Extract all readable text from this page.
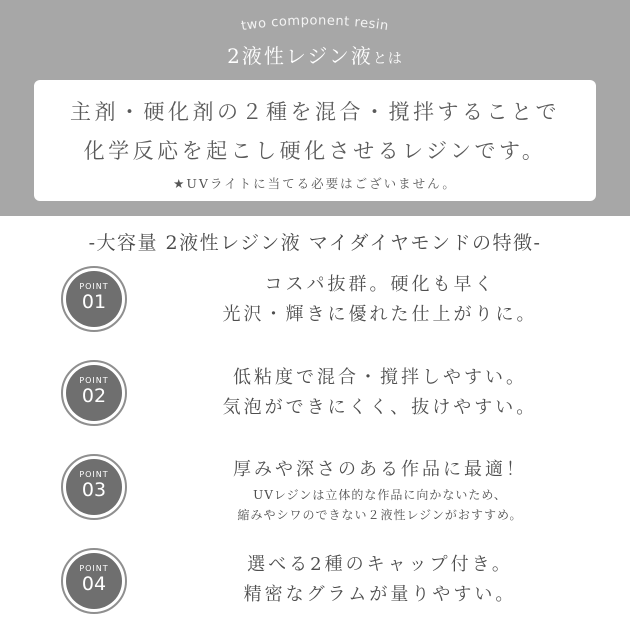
two component resin
2液性レジン液とは
主剤・硬化剤の２種を混合・撹拌することで
化学反応を起こし硬化させるレジンです。
★UVライトに当てる必要はございません。
-大容量 2液性レジン液 マイダイヤモンドの特徴-
POINT
01
コスパ抜群。硬化も早く
光沢・輝きに優れた仕上がりに。
POINT
02
低粘度で混合・撹拌しやすい。
気泡ができにくく、抜けやすい。
POINT
03
厚みや深さのある作品に最適！
UVレジンは立体的な作品に向かないため、
縮みやシワのできない２液性レジンがおすすめ。
POINT
04
選べる2種のキャップ付き。
精密なグラムが量りやすい。
